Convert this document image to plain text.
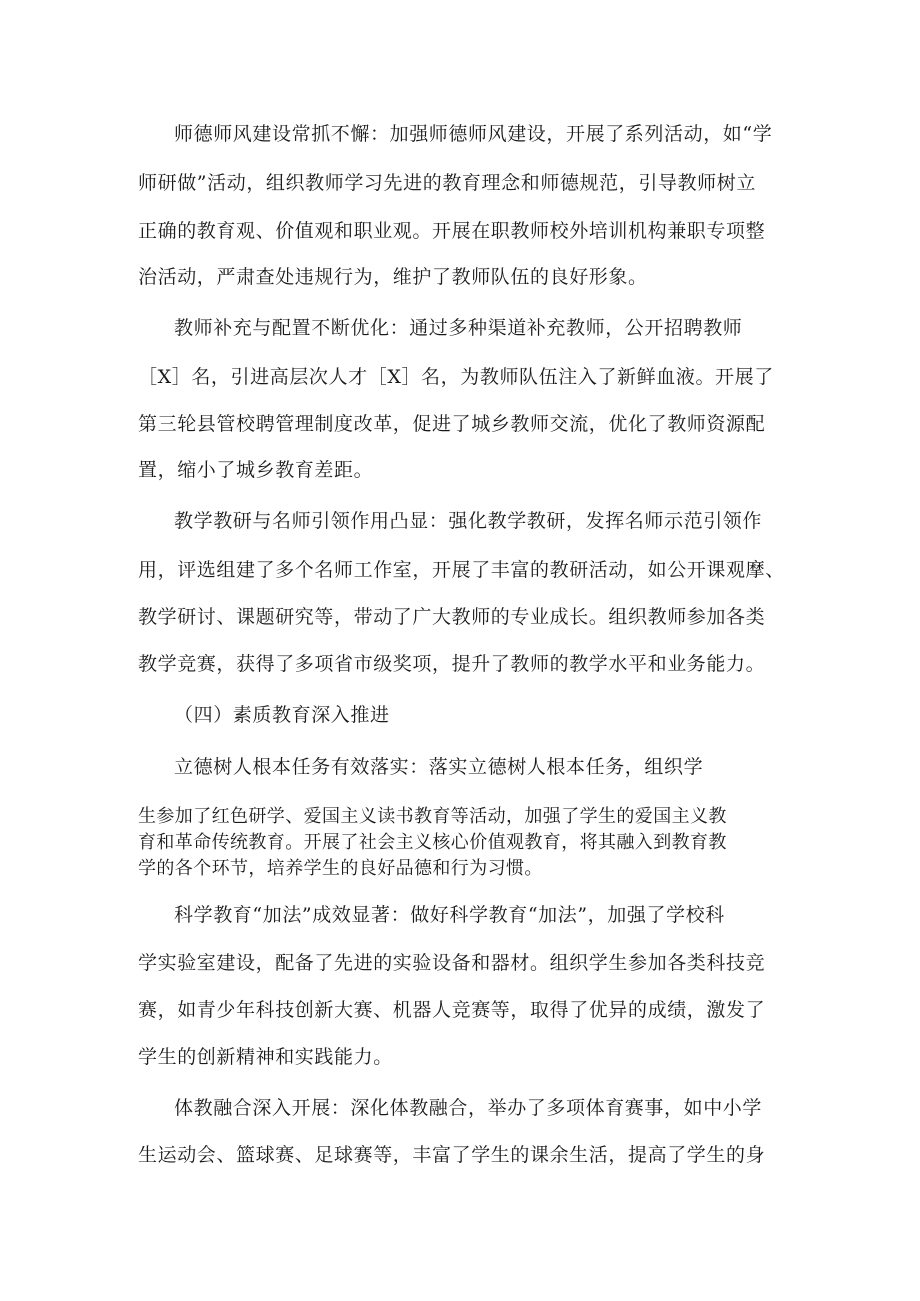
师德师风建设常抓不懈：加强师德师风建设，开展了系列活动，如“学

师研做”活动，组织教师学习先进的教育理念和师德规范，引导教师树立

正确的教育观、价值观和职业观。开展在职教师校外培训机构兼职专项整

治活动，严肃查处违规行为，维护了教师队伍的良好形象。

教师补充与配置不断优化：通过多种渠道补充教师，公开招聘教师

［X］名，引进高层次人才［X］名，为教师队伍注入了新鲜血液。开展了

第三轮县管校聘管理制度改革，促进了城乡教师交流，优化了教师资源配

置，缩小了城乡教育差距。

教学教研与名师引领作用凸显：强化教学教研，发挥名师示范引领作

用，评选组建了多个名师工作室，开展了丰富的教研活动，如公开课观摩、

教学研讨、课题研究等，带动了广大教师的专业成长。组织教师参加各类

教学竞赛，获得了多项省市级奖项，提升了教师的教学水平和业务能力。

（四）素质教育深入推进

立德树人根本任务有效落实：落实立德树人根本任务，组织学

生参加了红色研学、爱国主义读书教育等活动，加强了学生的爱国主义教

育和革命传统教育。开展了社会主义核心价值观教育，将其融入到教育教

学的各个环节，培养学生的良好品德和行为习惯。

科学教育“加法”成效显著：做好科学教育“加法”，加强了学校科

学实验室建设，配备了先进的实验设备和器材。组织学生参加各类科技竞

赛，如青少年科技创新大赛、机器人竞赛等，取得了优异的成绩，激发了

学生的创新精神和实践能力。

体教融合深入开展：深化体教融合，举办了多项体育赛事，如中小学

生运动会、篮球赛、足球赛等，丰富了学生的课余生活，提高了学生的身
